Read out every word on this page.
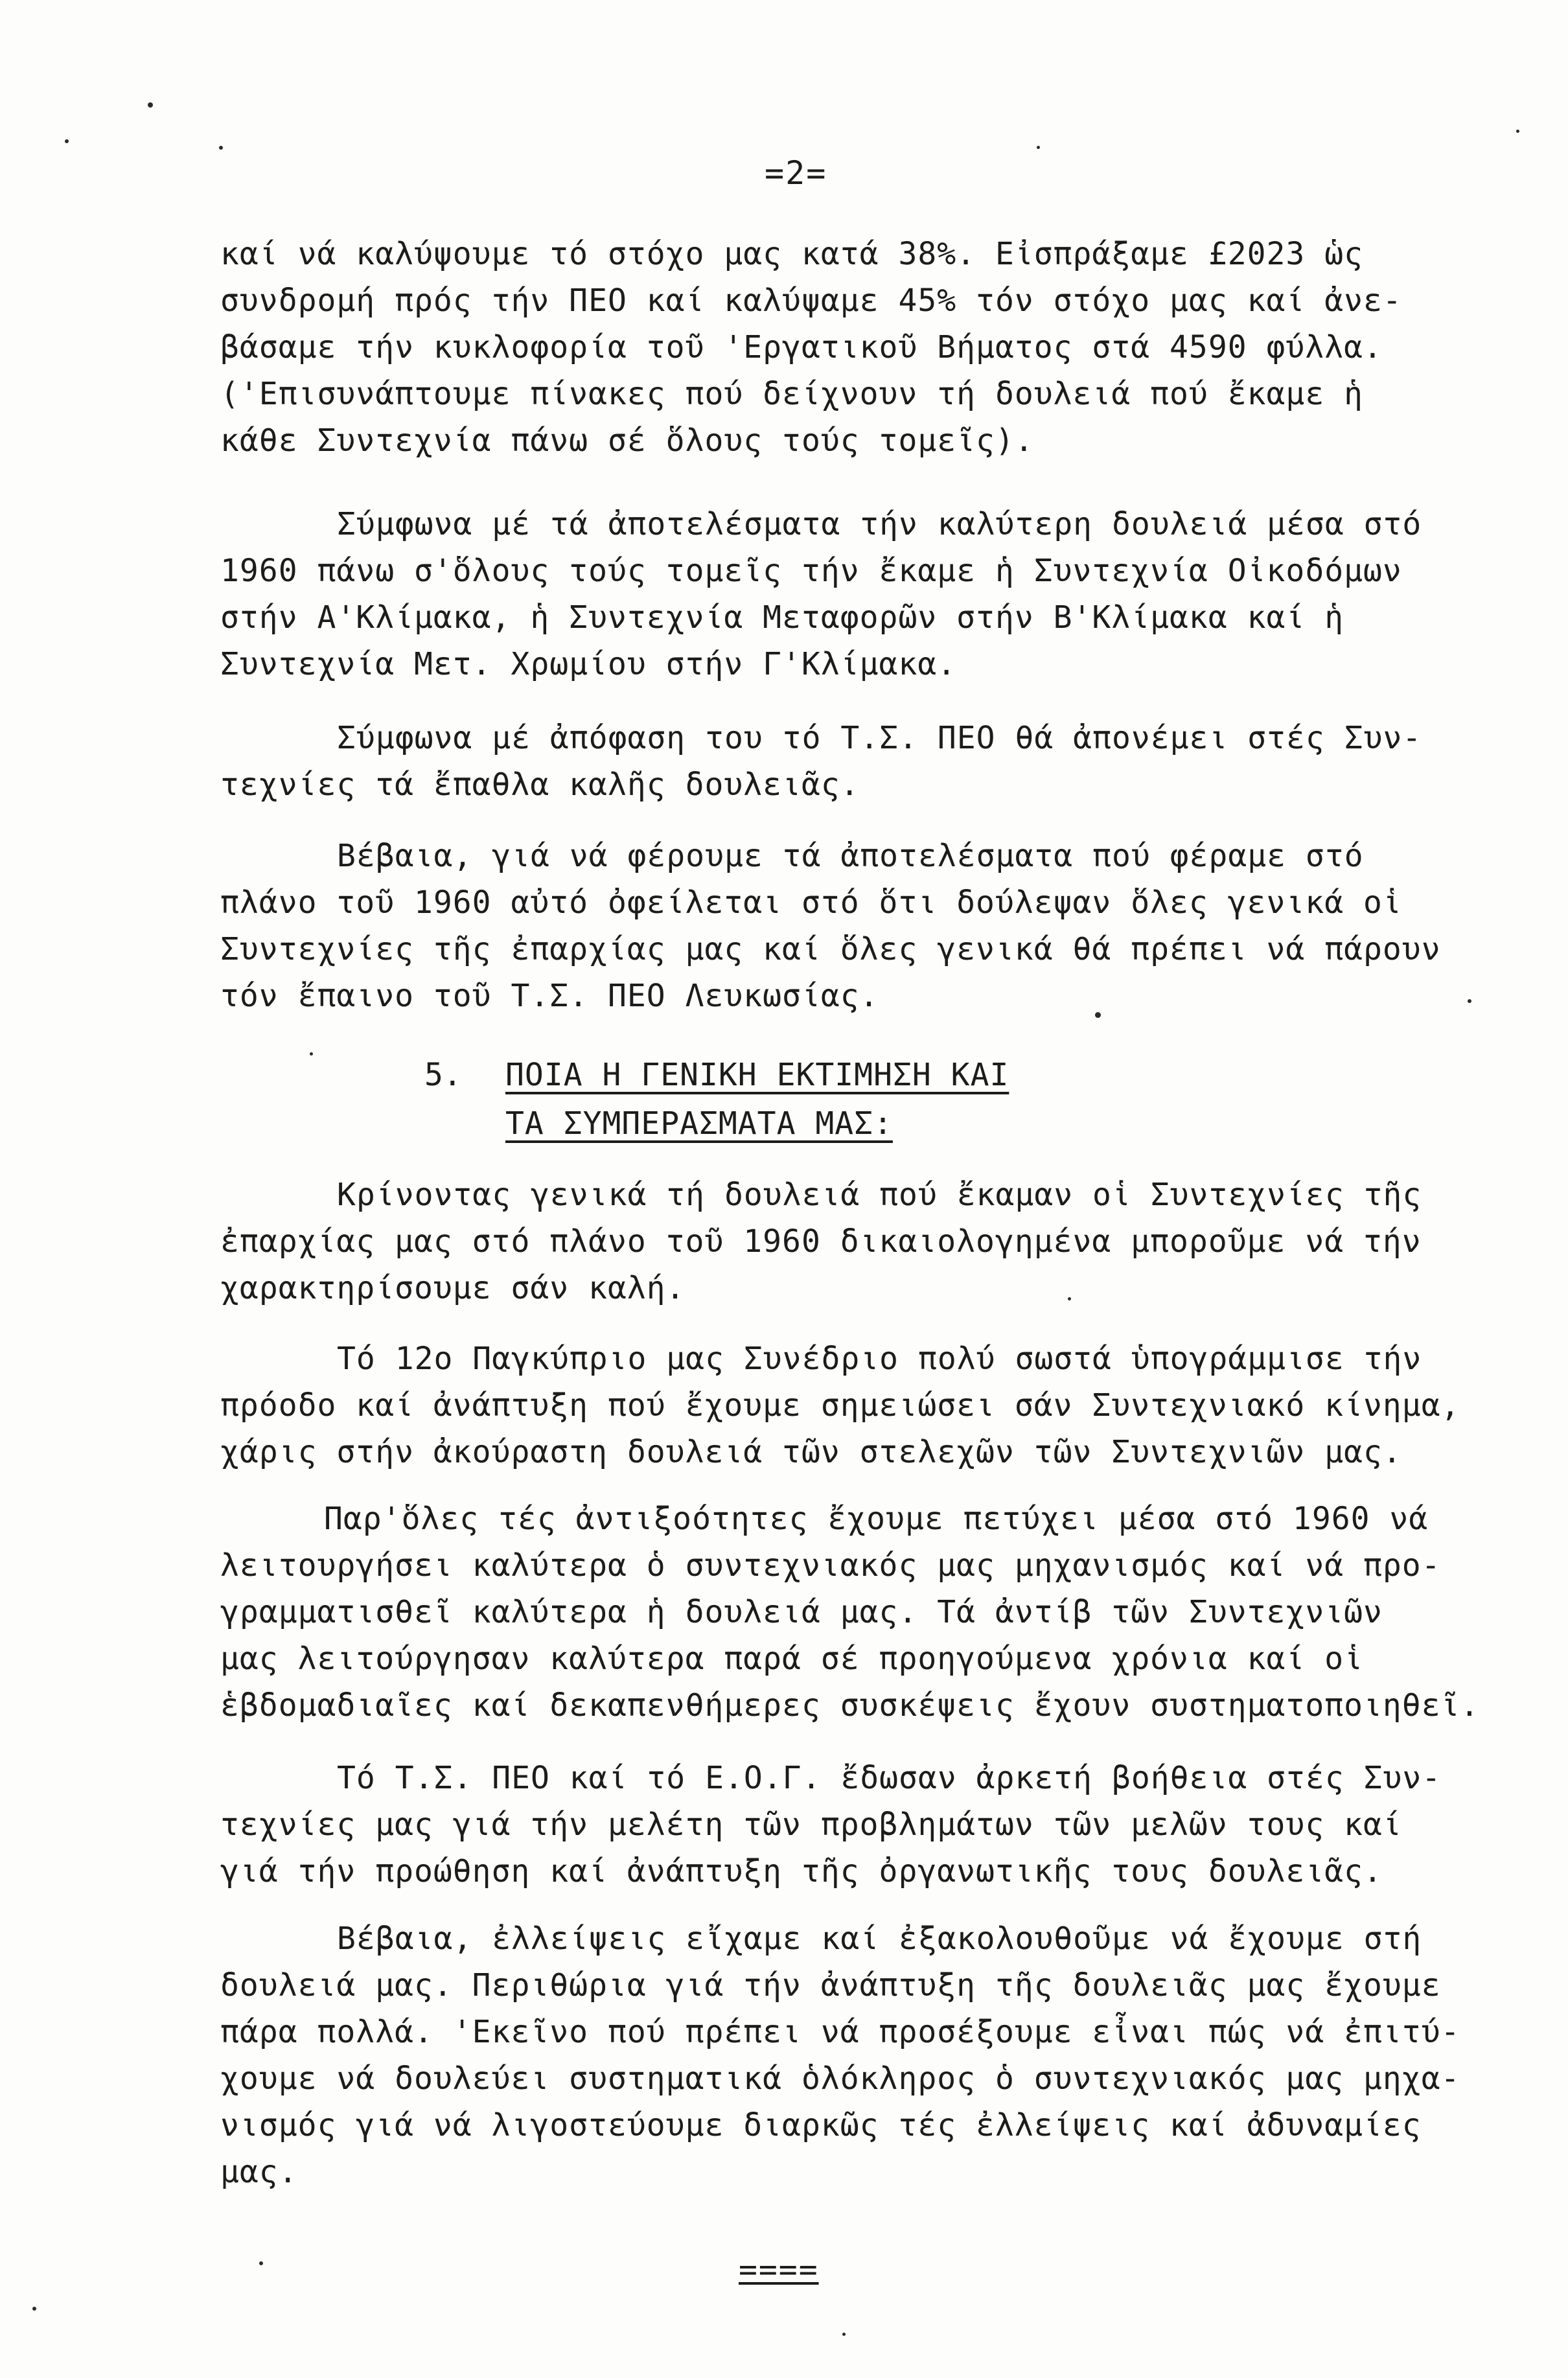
=2=
καί νά καλύψουμε τό στόχο μας κατά 38%. Εἰσπράξαμε £2023 ὡς
συνδρομή πρός τήν ΠΕΟ καί καλύψαμε 45% τόν στόχο μας καί ἀνε-
βάσαμε τήν κυκλοφορία τοῦ 'Εργατικοῦ Βήματος στά 4590 φύλλα.
('Επισυνάπτουμε πίνακες πού δείχνουν τή δουλειά πού ἔκαμε ἡ
κάθε Συντεχνία πάνω σέ ὅλους τούς τομεῖς).
Σύμφωνα μέ τά ἀποτελέσματα τήν καλύτερη δουλειά μέσα στό
1960 πάνω σ'ὅλους τούς τομεῖς τήν ἔκαμε ἡ Συντεχνία Οἰκοδόμων
στήν Α'Κλίμακα, ἡ Συντεχνία Μεταφορῶν στήν Β'Κλίμακα καί ἡ
Συντεχνία Μετ. Χρωμίου στήν Γ'Κλίμακα.
Σύμφωνα μέ ἀπόφαση του τό Τ.Σ. ΠΕΟ θά ἀπονέμει στές Συν-
τεχνίες τά ἔπαθλα καλῆς δουλειᾶς.
Βέβαια, γιά νά φέρουμε τά ἀποτελέσματα πού φέραμε στό
πλάνο τοῦ 1960 αὐτό ὀφείλεται στό ὅτι δούλεψαν ὅλες γενικά οἱ
Συντεχνίες τῆς ἐπαρχίας μας καί ὅλες γενικά θά πρέπει νά πάρουν
τόν ἔπαινο τοῦ Τ.Σ. ΠΕΟ Λευκωσίας.
5. ΠΟΙΑ Η ΓΕΝΙΚΗ ΕΚΤΙΜΗΣΗ ΚΑΙ
ΤΑ ΣΥΜΠΕΡΑΣΜΑΤΑ ΜΑΣ:
Κρίνοντας γενικά τή δουλειά πού ἔκαμαν οἱ Συντεχνίες τῆς
ἐπαρχίας μας στό πλάνο τοῦ 1960 δικαιολογημένα μποροῦμε νά τήν
χαρακτηρίσουμε σάν καλή.
Τό 12ο Παγκύπριο μας Συνέδριο πολύ σωστά ὑπογράμμισε τήν
πρόοδο καί ἀνάπτυξη πού ἔχουμε σημειώσει σάν Συντεχνιακό κίνημα,
χάρις στήν ἀκούραστη δουλειά τῶν στελεχῶν τῶν Συντεχνιῶν μας.
Παρ'ὅλες τές ἀντιξοότητες ἔχουμε πετύχει μέσα στό 1960 νά
λειτουργήσει καλύτερα ὁ συντεχνιακός μας μηχανισμός καί νά προ-
γραμματισθεῖ καλύτερα ἡ δουλειά μας. Τά ἀντίβ τῶν Συντεχνιῶν
μας λειτούργησαν καλύτερα παρά σέ προηγούμενα χρόνια καί οἱ
ἑβδομαδιαῖες καί δεκαπενθήμερες συσκέψεις ἔχουν συστηματοποιηθεῖ.
Τό Τ.Σ. ΠΕΟ καί τό Ε.Ο.Γ. ἔδωσαν ἀρκετή βοήθεια στές Συν-
τεχνίες μας γιά τήν μελέτη τῶν προβλημάτων τῶν μελῶν τους καί
γιά τήν προώθηση καί ἀνάπτυξη τῆς ὀργανωτικῆς τους δουλειᾶς.
Βέβαια, ἐλλείψεις εἴχαμε καί ἐξακολουθοῦμε νά ἔχουμε στή
δουλειά μας. Περιθώρια γιά τήν ἀνάπτυξη τῆς δουλειᾶς μας ἔχουμε
πάρα πολλά. 'Εκεῖνο πού πρέπει νά προσέξουμε εἶναι πώς νά ἐπιτύ-
χουμε νά δουλεύει συστηματικά ὁλόκληρος ὁ συντεχνιακός μας μηχα-
νισμός γιά νά λιγοστεύουμε διαρκῶς τές ἐλλείψεις καί ἀδυναμίες
μας.
====
